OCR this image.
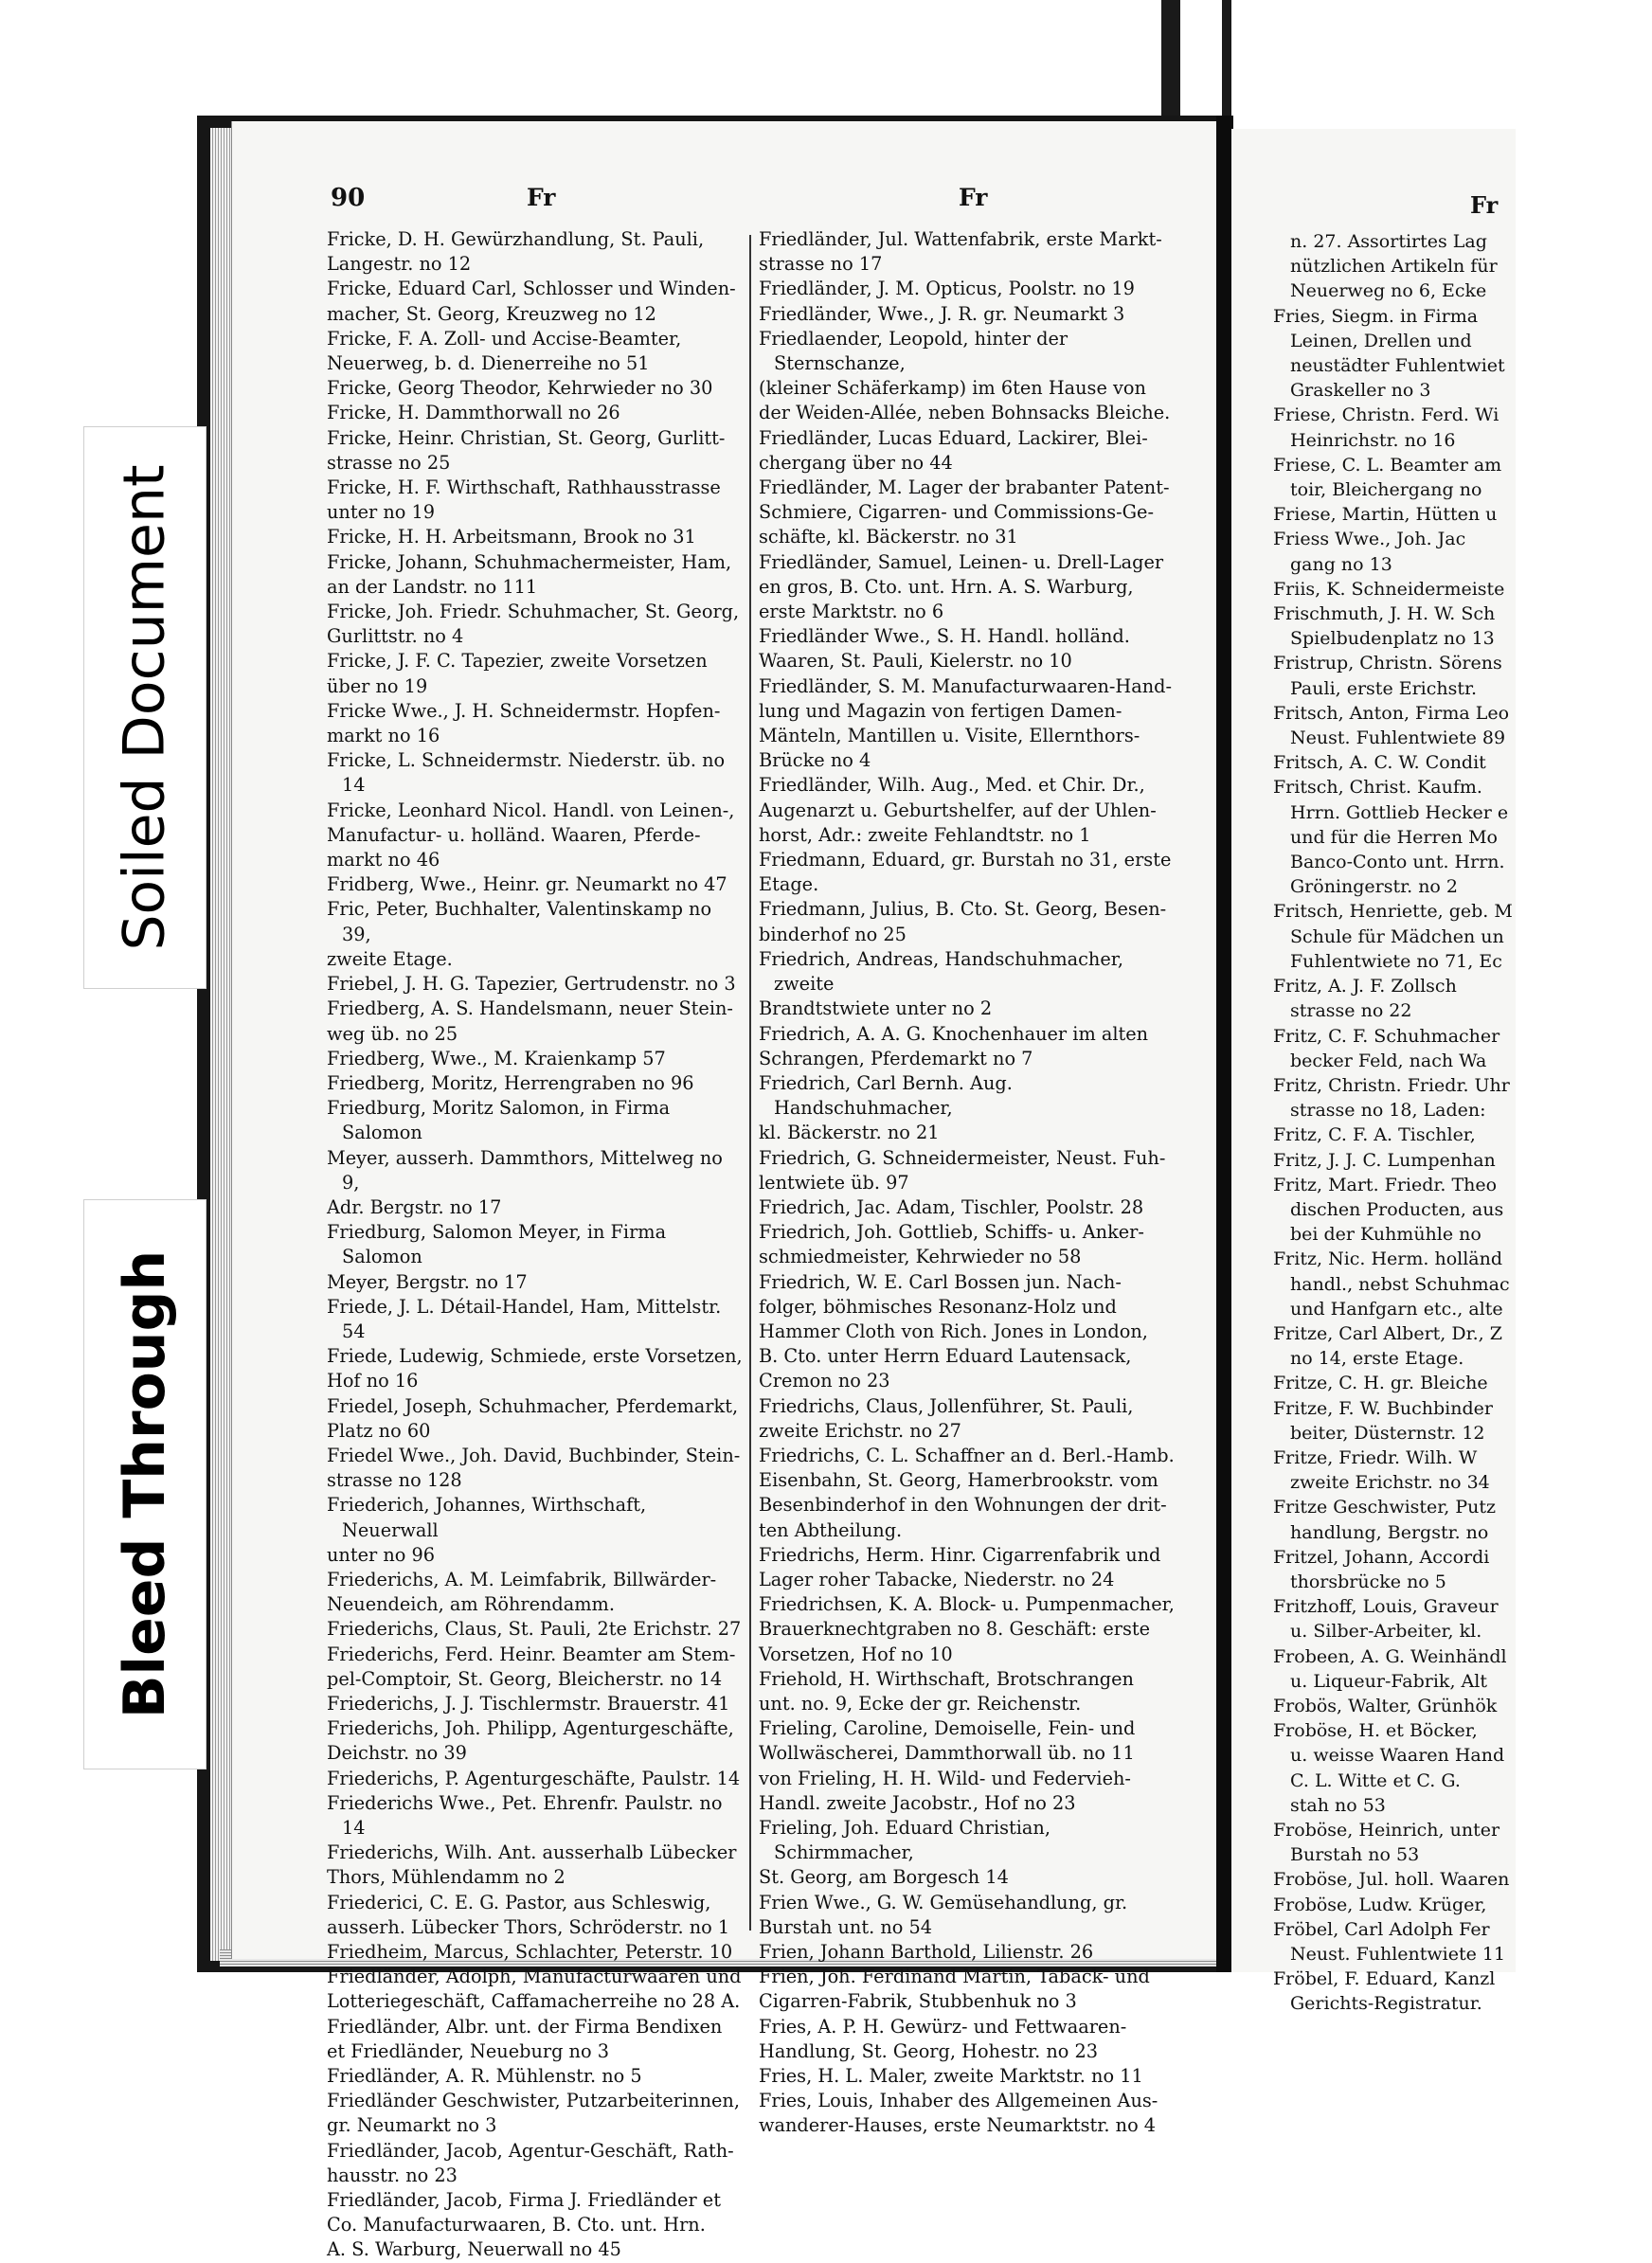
90	Fr	Fr
Fricke, D. H. Gewürzhandlung, St. Pauli,
Langestr. no 12
Fricke, Eduard Carl, Schlosser und Winden-
macher, St. Georg, Kreuzweg no 12
Fricke, F. A. Zoll- und Accise-Beamter,
Neuerweg, b. d. Dienerreihe no 51
Fricke, Georg Theodor, Kehrwieder no 30
Fricke, H. Dammthorwall no 26
Fricke, Heinr. Christian, St. Georg, Gurlitt-
strasse no 25
Fricke, H. F. Wirthschaft, Rathhausstrasse
unter no 19
Fricke, H. H. Arbeitsmann, Brook no 31
Fricke, Johann, Schuhmachermeister, Ham,
an der Landstr. no 111
Fricke, Joh. Friedr. Schuhmacher, St. Georg,
Gurlittstr. no 4
Fricke, J. F. C. Tapezier, zweite Vorsetzen
über no 19
Fricke Wwe., J. H. Schneidermstr. Hopfen-
markt no 16
Fricke, L. Schneidermstr. Niederstr. üb. no 14
Fricke, Leonhard Nicol. Handl. von Leinen-,
Manufactur- u. holländ. Waaren, Pferde-
markt no 46
Fridberg, Wwe., Heinr. gr. Neumarkt no 47
Fric, Peter, Buchhalter, Valentinskamp no 39,
zweite Etage.
Friebel, J. H. G. Tapezier, Gertrudenstr. no 3
Friedberg, A. S. Handelsmann, neuer Stein-
weg üb. no 25
Friedberg, Wwe., M. Kraienkamp 57
Friedberg, Moritz, Herrengraben no 96
Friedburg, Moritz Salomon, in Firma Salomon
Meyer, ausserh. Dammthors, Mittelweg no 9,
Adr. Bergstr. no 17
Friedburg, Salomon Meyer, in Firma Salomon
Meyer, Bergstr. no 17
Friede, J. L. Détail-Handel, Ham, Mittelstr. 54
Friede, Ludewig, Schmiede, erste Vorsetzen,
Hof no 16
Friedel, Joseph, Schuhmacher, Pferdemarkt,
Platz no 60
Friedel Wwe., Joh. David, Buchbinder, Stein-
strasse no 128
Friederich, Johannes, Wirthschaft, Neuerwall
unter no 96
Friederichs, A. M. Leimfabrik, Billwärder-
Neuendeich, am Röhrendamm.
Friederichs, Claus, St. Pauli, 2te Erichstr. 27
Friederichs, Ferd. Heinr. Beamter am Stem-
pel-Comptoir, St. Georg, Bleicherstr. no 14
Friederichs, J. J. Tischlermstr. Brauerstr. 41
Friederichs, Joh. Philipp, Agenturgeschäfte,
Deichstr. no 39
Friederichs, P. Agenturgeschäfte, Paulstr. 14
Friederichs Wwe., Pet. Ehrenfr. Paulstr. no 14
Friederichs, Wilh. Ant. ausserhalb Lübecker
Thors, Mühlendamm no 2
Friederici, C. E. G. Pastor, aus Schleswig,
ausserh. Lübecker Thors, Schröderstr. no 1
Friedheim, Marcus, Schlachter, Peterstr. 10
Friedländer, Adolph, Manufacturwaaren und
Lotteriegeschäft, Caffamacherreihe no 28 A.
Friedländer, Albr. unt. der Firma Bendixen
et Friedländer, Neueburg no 3
Friedländer, A. R. Mühlenstr. no 5
Friedländer Geschwister, Putzarbeiterinnen,
gr. Neumarkt no 3
Friedländer, Jacob, Agentur-Geschäft, Rath-
hausstr. no 23
Friedländer, Jacob, Firma J. Friedländer et
Co. Manufacturwaaren, B. Cto. unt. Hrn.
A. S. Warburg, Neuerwall no 45
Friedländer, Jul. Wattenfabrik, erste Markt-
strasse no 17
Friedländer, J. M. Opticus, Poolstr. no 19
Friedländer, Wwe., J. R. gr. Neumarkt 3
Friedlaender, Leopold, hinter der Sternschanze,
(kleiner Schäferkamp) im 6ten Hause von
der Weiden-Allée, neben Bohnsacks Bleiche.
Friedländer, Lucas Eduard, Lackirer, Blei-
chergang über no 44
Friedländer, M. Lager der brabanter Patent-
Schmiere, Cigarren- und Commissions-Ge-
schäfte, kl. Bäckerstr. no 31
Friedländer, Samuel, Leinen- u. Drell-Lager
en gros, B. Cto. unt. Hrn. A. S. Warburg,
erste Marktstr. no 6
Friedländer Wwe., S. H. Handl. holländ.
Waaren, St. Pauli, Kielerstr. no 10
Friedländer, S. M. Manufacturwaaren-Hand-
lung und Magazin von fertigen Damen-
Mänteln, Mantillen u. Visite, Ellernthors-
Brücke no 4
Friedländer, Wilh. Aug., Med. et Chir. Dr.,
Augenarzt u. Geburtshelfer, auf der Uhlen-
horst, Adr.: zweite Fehlandtstr. no 1
Friedmann, Eduard, gr. Burstah no 31, erste
Etage.
Friedmann, Julius, B. Cto. St. Georg, Besen-
binderhof no 25
Friedrich, Andreas, Handschuhmacher, zweite
Brandtstwiete unter no 2
Friedrich, A. A. G. Knochenhauer im alten
Schrangen, Pferdemarkt no 7
Friedrich, Carl Bernh. Aug. Handschuhmacher,
kl. Bäckerstr. no 21
Friedrich, G. Schneidermeister, Neust. Fuh-
lentwiete üb. 97
Friedrich, Jac. Adam, Tischler, Poolstr. 28
Friedrich, Joh. Gottlieb, Schiffs- u. Anker-
schmiedmeister, Kehrwieder no 58
Friedrich, W. E. Carl Bossen jun. Nach-
folger, böhmisches Resonanz-Holz und
Hammer Cloth von Rich. Jones in London,
B. Cto. unter Herrn Eduard Lautensack,
Cremon no 23
Friedrichs, Claus, Jollenführer, St. Pauli,
zweite Erichstr. no 27
Friedrichs, C. L. Schaffner an d. Berl.-Hamb.
Eisenbahn, St. Georg, Hamerbrookstr. vom
Besenbinderhof in den Wohnungen der drit-
ten Abtheilung.
Friedrichs, Herm. Hinr. Cigarrenfabrik und
Lager roher Tabacke, Niederstr. no 24
Friedrichsen, K. A. Block- u. Pumpenmacher,
Brauerknechtgraben no 8. Geschäft: erste
Vorsetzen, Hof no 10
Friehold, H. Wirthschaft, Brotschrangen
unt. no. 9, Ecke der gr. Reichenstr.
Frieling, Caroline, Demoiselle, Fein- und
Wollwäscherei, Dammthorwall üb. no 11
von Frieling, H. H. Wild- und Federvieh-
Handl. zweite Jacobstr., Hof no 23
Frieling, Joh. Eduard Christian, Schirmmacher,
St. Georg, am Borgesch 14
Frien Wwe., G. W. Gemüsehandlung, gr.
Burstah unt. no 54
Frien, Johann Barthold, Lilienstr. 26
Frien, Joh. Ferdinand Martin, Taback- und
Cigarren-Fabrik, Stubbenhuk no 3
Fries, A. P. H. Gewürz- und Fettwaaren-
Handlung, St. Georg, Hohestr. no 23
Fries, H. L. Maler, zweite Marktstr. no 11
Fries, Louis, Inhaber des Allgemeinen Aus-
wanderer-Hauses, erste Neumarktstr. no 4
Fr
n. 27. Assortirtes Lag
nützlichen Artikeln für
Neuerweg no 6, Ecke
Fries, Siegm. in Firma
Leinen, Drellen und
neustädter Fuhlentwiet
Graskeller no 3
Friese, Christn. Ferd. Wi
Heinrichstr. no 16
Friese, C. L. Beamter am
toir, Bleichergang no
Friese, Martin, Hütten u
Friess Wwe., Joh. Jac
gang no 13
Friis, K. Schneidermeiste
Frischmuth, J. H. W. Sch
Spielbudenplatz no 13
Fristrup, Christn. Sörens
Pauli, erste Erichstr.
Fritsch, Anton, Firma Leo
Neust. Fuhlentwiete 89
Fritsch, A. C. W. Condit
Fritsch, Christ. Kaufm.
Hrrn. Gottlieb Hecker e
und für die Herren Mo
Banco-Conto unt. Hrrn.
Gröningerstr. no 2
Fritsch, Henriette, geb. M
Schule für Mädchen un
Fuhlentwiete no 71, Ec
Fritz, A. J. F. Zollsch
strasse no 22
Fritz, C. F. Schuhmacher
becker Feld, nach Wa
Fritz, Christn. Friedr. Uhr
strasse no 18, Laden:
Fritz, C. F. A. Tischler,
Fritz, J. J. C. Lumpenhan
Fritz, Mart. Friedr. Theo
dischen Producten, aus
bei der Kuhmühle no
Fritz, Nic. Herm. holländ
handl., nebst Schuhmac
und Hanfgarn etc., alte
Fritze, Carl Albert, Dr., Z
no 14, erste Etage.
Fritze, C. H. gr. Bleiche
Fritze, F. W. Buchbinder
beiter, Düsternstr. 12
Fritze, Friedr. Wilh. W
zweite Erichstr. no 34
Fritze Geschwister, Putz
handlung, Bergstr. no
Fritzel, Johann, Accordi
thorsbrücke no 5
Fritzhoff, Louis, Graveur
u. Silber-Arbeiter, kl.
Frobeen, A. G. Weinhändl
u. Liqueur-Fabrik, Alt
Frobös, Walter, Grünhök
Froböse, H. et Böcker,
u. weisse Waaren Hand
C. L. Witte et C. G.
stah no 53
Froböse, Heinrich, unter
Burstah no 53
Froböse, Jul. holl. Waaren
Froböse, Ludw. Krüger,
Fröbel, Carl Adolph Fer
Neust. Fuhlentwiete 11
Fröbel, F. Eduard, Kanzl
Gerichts-Registratur.
Soiled Document
Bleed Through
